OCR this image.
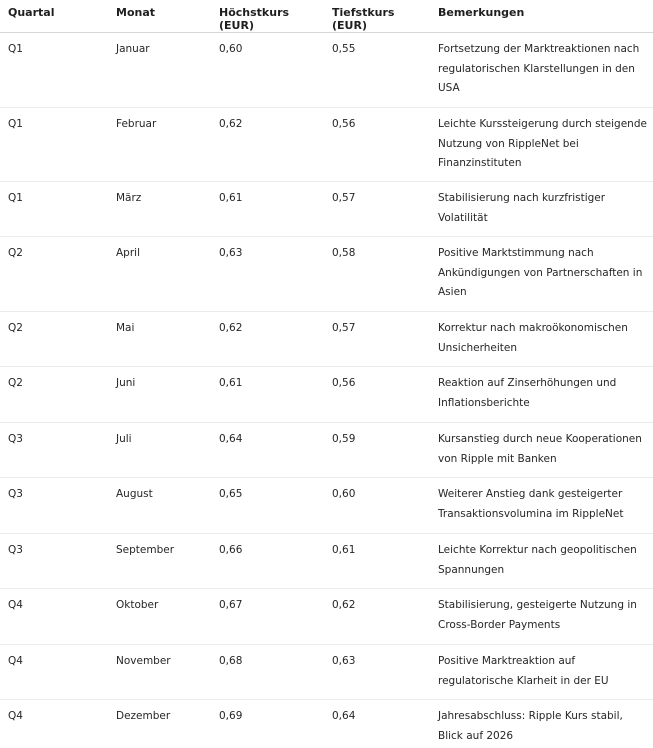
Quartal	Monat	Höchstkurs (EUR)	Tiefstkurs (EUR)	Bemerkungen
Q1	Januar	0,60	0,55	Fortsetzung der Marktreaktionen nach regulatorischen Klarstellungen in den USA
Q1	Februar	0,62	0,56	Leichte Kurssteigerung durch steigende Nutzung von RippleNet bei Finanzinstituten
Q1	März	0,61	0,57	Stabilisierung nach kurzfristiger Volatilität
Q2	April	0,63	0,58	Positive Marktstimmung nach Ankündigungen von Partnerschaften in Asien
Q2	Mai	0,62	0,57	Korrektur nach makroökonomischen Unsicherheiten
Q2	Juni	0,61	0,56	Reaktion auf Zinserhöhungen und Inflationsberichte
Q3	Juli	0,64	0,59	Kursanstieg durch neue Kooperationen von Ripple mit Banken
Q3	August	0,65	0,60	Weiterer Anstieg dank gesteigerter Transaktionsvolumina im RippleNet
Q3	September	0,66	0,61	Leichte Korrektur nach geopolitischen Spannungen
Q4	Oktober	0,67	0,62	Stabilisierung, gesteigerte Nutzung in Cross-Border Payments
Q4	November	0,68	0,63	Positive Marktreaktion auf regulatorische Klarheit in der EU
Q4	Dezember	0,69	0,64	Jahresabschluss: Ripple Kurs stabil, Blick auf 2026
